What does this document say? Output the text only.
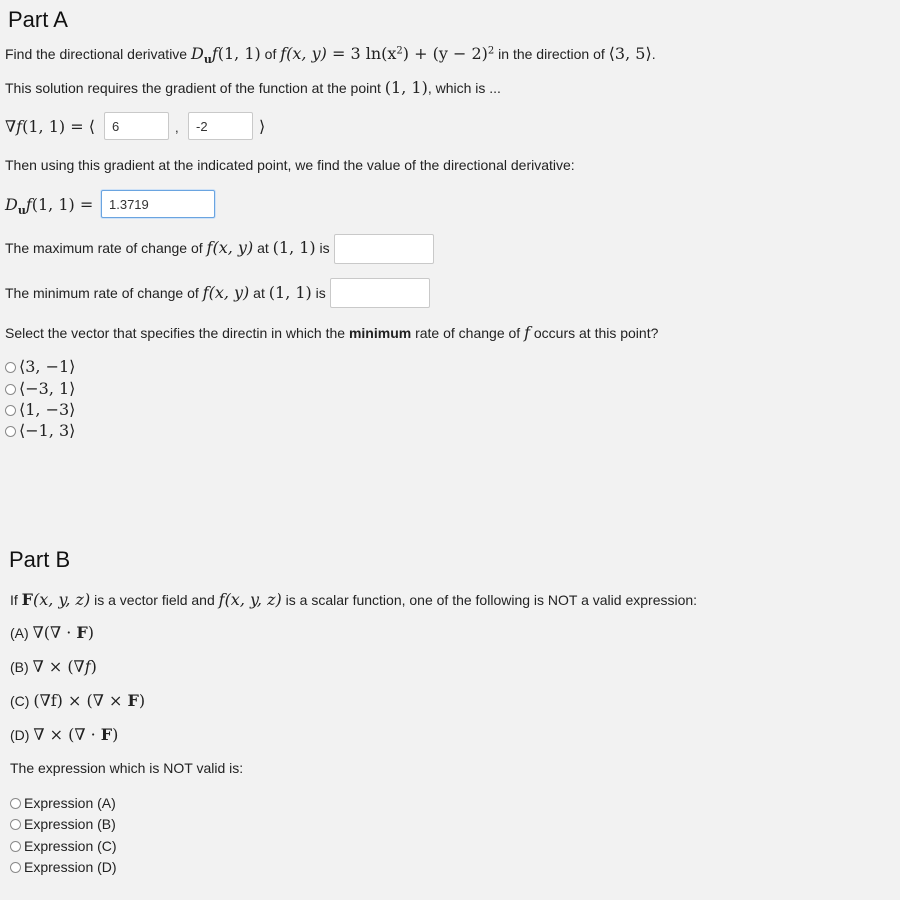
Part A
Find the directional derivative $D_uf(1$, 1) of f(x, y) = 3 $\ln(x^2) + (y - 2)^2$ in the direction of ⟨3, 5⟩.
This solution requires the gradient of the function at the point (1, 1), which is ...
∇f(1, 1) = ⟨
6	,
-2	⟩
Then using this gradient at the indicated point, we find the value of the directional derivative:
$D_uf(1$, 1) =
1.3719
The maximum rate of change of f(x, y) at (1, 1) is
The minimum rate of change of f(x, y) at (1, 1) is
Select the vector that specifies the directin in which the minimum rate of change of f occurs at this point?
⟨3, −1⟩
⟨−3, 1⟩
⟨1, −3⟩
⟨−1, 3⟩
Part B
If F(x, y, z) is a vector field and f(x, y, z) is a scalar function, one of the following is NOT a valid expression:
(A) ∇(∇ · F)
(B) ∇ × (∇f)
(C) (∇f) × (∇ × F)
(D) ∇ × (∇ · F)
The expression which is NOT valid is:
Expression (A)
Expression (B)
Expression (C)
Expression (D)
